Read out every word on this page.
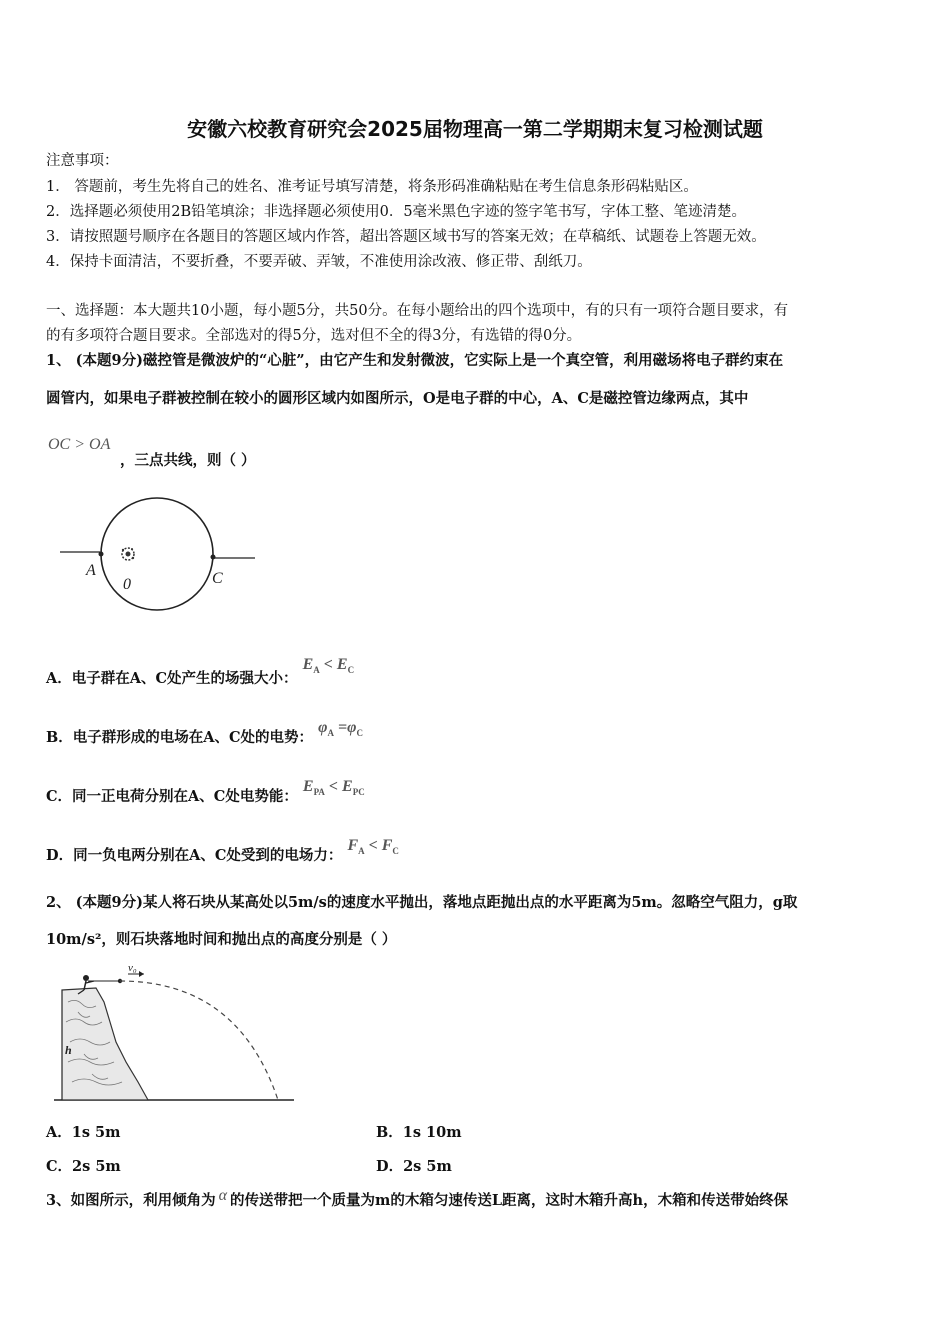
安徽六校教育研究会2025届物理高一第二学期期末复习检测试题
注意事项：
1． 答题前，考生先将自己的姓名、准考证号填写清楚，将条形码准确粘贴在考生信息条形码粘贴区。
2．选择题必须使用2B铅笔填涂；非选择题必须使用0．5毫米黑色字迹的签字笔书写，字体工整、笔迹清楚。
3．请按照题号顺序在各题目的答题区域内作答，超出答题区域书写的答案无效；在草稿纸、试题卷上答题无效。
4．保持卡面清洁，不要折叠，不要弄破、弄皱，不准使用涂改液、修正带、刮纸刀。
一、选择题：本大题共10小题，每小题5分，共50分。在每小题给出的四个选项中，有的只有一项符合题目要求，有
的有多项符合题目要求。全部选对的得5分，选对但不全的得3分，有选错的得0分。
1、 (本题9分)磁控管是微波炉的“心脏”，由它产生和发射微波，它实际上是一个真空管，利用磁场将电子群约束在
圆管内，如果电子群被控制在较小的圆形区域内如图所示，O是电子群的中心，A、C是磁控管边缘两点，其中
OC > OA
，三点共线，则（ ）
A
0	C
A．电子群在A、C处产生的场强大小： $E_A < E_C$
B．电子群形成的电场在A、C处的电势： $\varphi_A =\varphi_C$
C．同一正电荷分别在A、C处电势能： $E_{PA} < E_{PC}$
D．同一负电两分别在A、C处受到的电场力： $F_A < F_C$
2、 (本题9分)某人将石块从某高处以5m/s的速度水平抛出，落地点距抛出点的水平距离为5m。忽略空气阻力，g取
10m/s²，则石块落地时间和抛出点的高度分别是（ ）
h
v₀
A．1s 5m	B．1s 10m
C．2s 5m	D．2s 5m
3、如图所示，利用倾角为 α 的传送带把一个质量为m的木箱匀速传送L距离，这时木箱升高h，木箱和传送带始终保
